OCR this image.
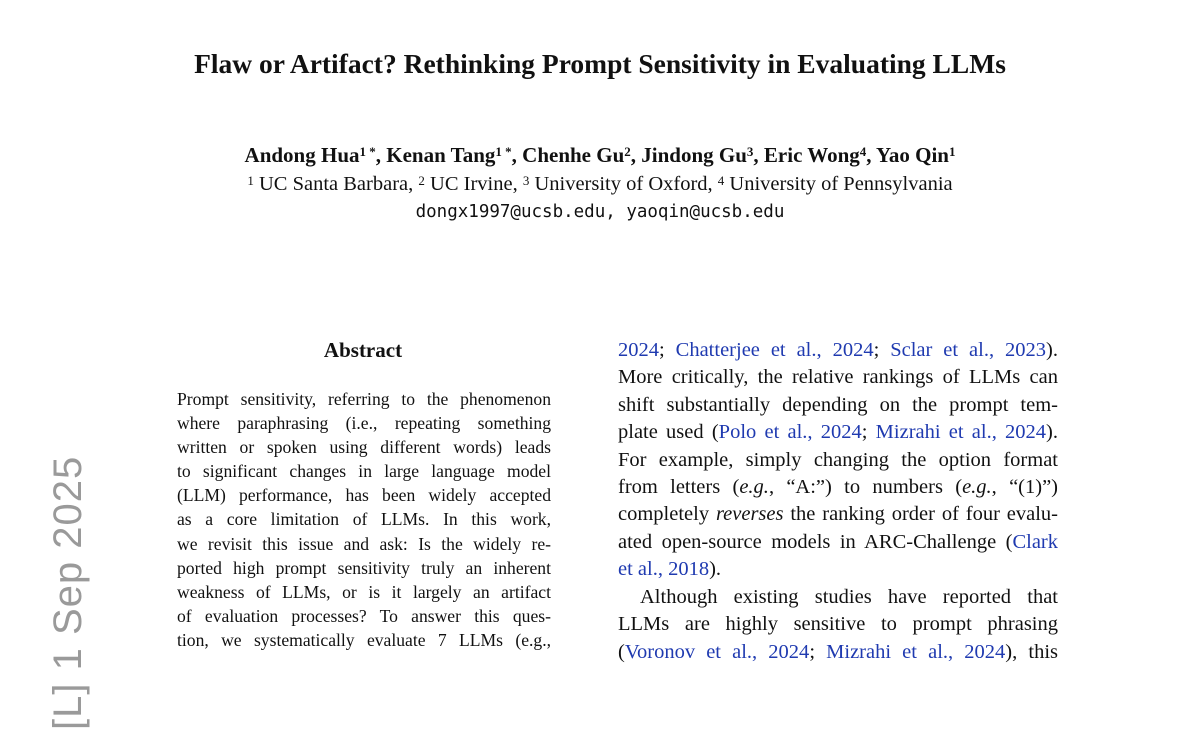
[L] 1 Sep 2025
Flaw or Artifact? Rethinking Prompt Sensitivity in Evaluating LLMs
Andong Hua$^{1 *}$, Kenan Tang$^{1 *}$, Chenhe Gu$^2$, Jindong Gu$^3$, Eric Wong$^4$, Yao Qin$^1$
$^1$ UC Santa Barbara, $^2$ UC Irvine, $^3$ University of Oxford, $^4$ University of Pennsylvania
dongx1997@ucsb.edu, yaoqin@ucsb.edu
Abstract
Prompt sensitivity, referring to the phenomenon
where paraphrasing (i.e., repeating something
written or spoken using different words) leads
to significant changes in large language model
(LLM) performance, has been widely accepted
as a core limitation of LLMs. In this work,
we revisit this issue and ask: Is the widely re-
ported high prompt sensitivity truly an inherent
weakness of LLMs, or is it largely an artifact
of evaluation processes? To answer this ques-
tion, we systematically evaluate 7 LLMs (e.g.,
2024; Chatterjee et al., 2024; Sclar et al., 2023).
More critically, the relative rankings of LLMs can
shift substantially depending on the prompt tem-
plate used (Polo et al., 2024; Mizrahi et al., 2024).
For example, simply changing the option format
from letters (e.g., “A:”) to numbers (e.g., “(1)”)
completely reverses the ranking order of four evalu-
ated open-source models in ARC-Challenge (Clark
et al., 2018).
Although existing studies have reported that
LLMs are highly sensitive to prompt phrasing
(Voronov et al., 2024; Mizrahi et al., 2024), this
